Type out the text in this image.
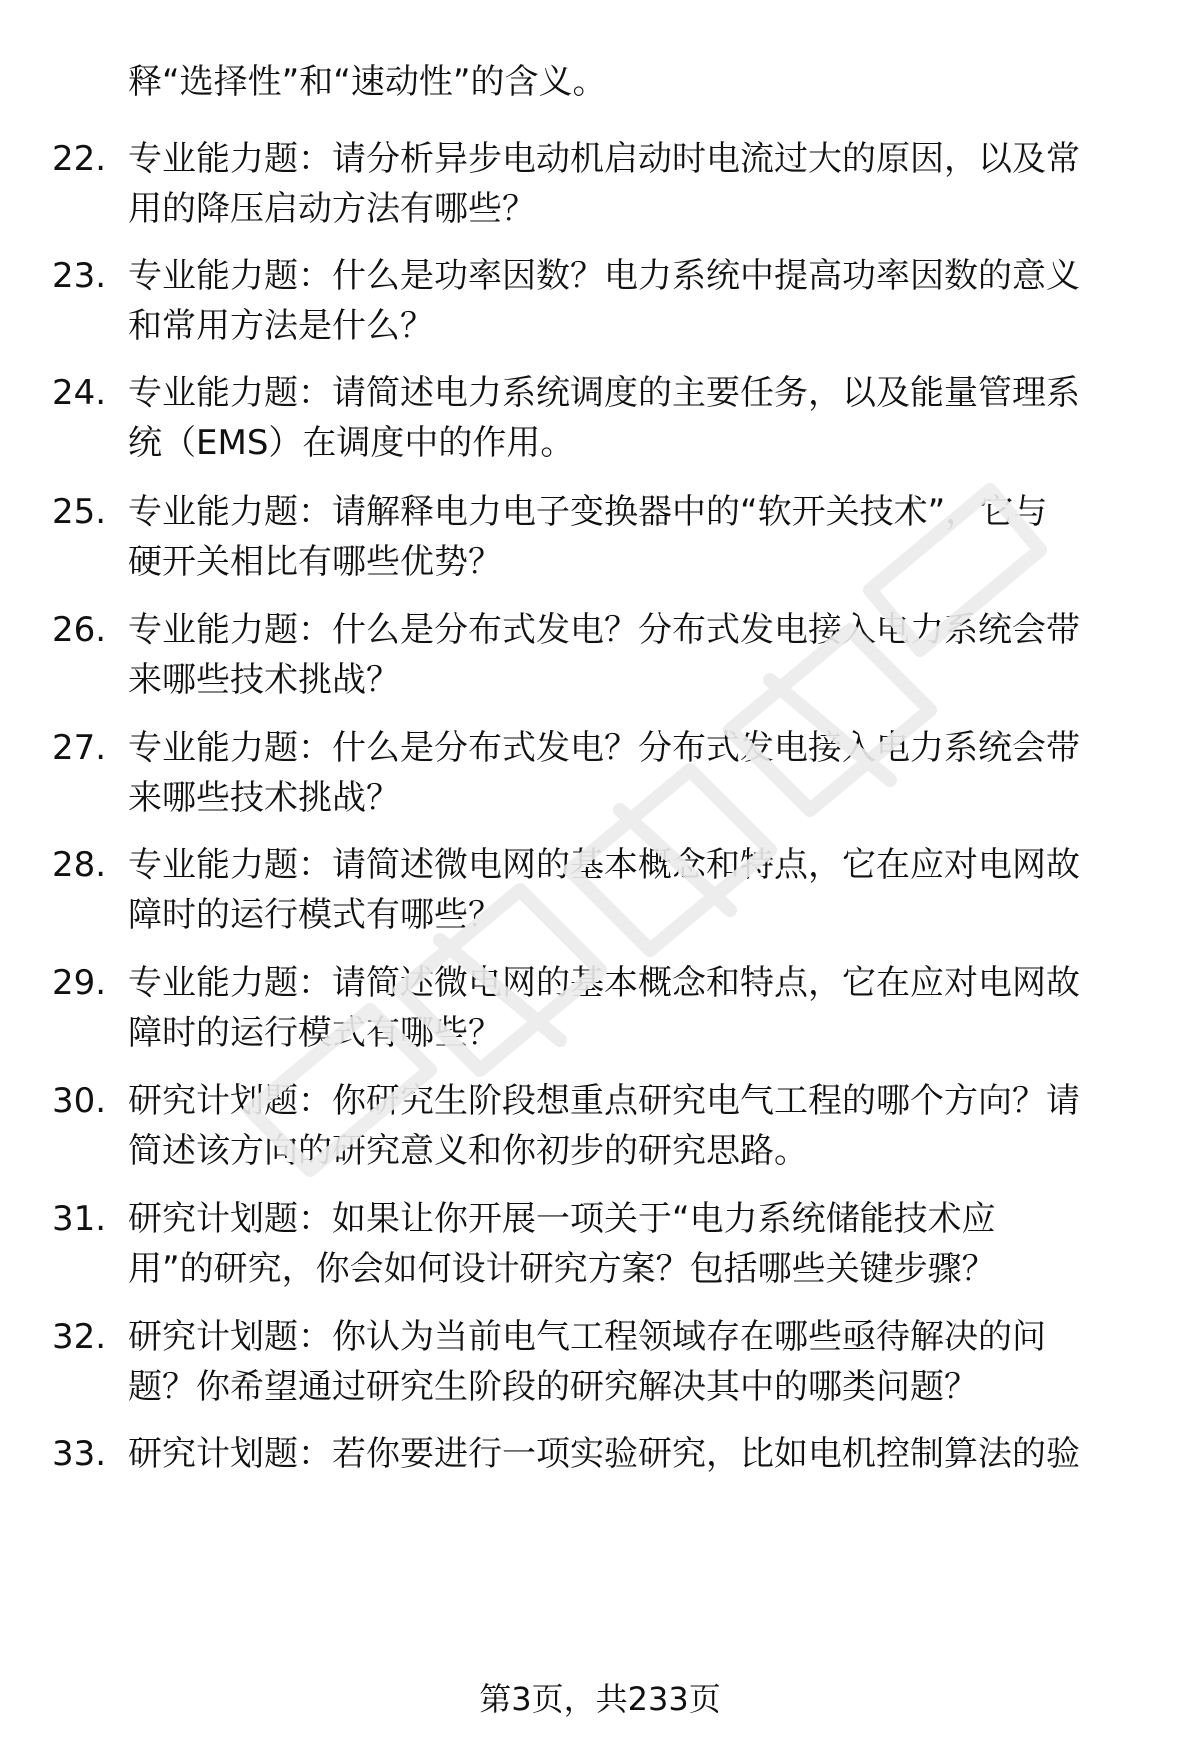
释“选择性”和“速动性”的含义。
22. 专业能力题：请分析异步电动机启动时电流过大的原因，以及常
用的降压启动方法有哪些？
23. 专业能力题：什么是功率因数？电力系统中提高功率因数的意义
和常用方法是什么？
24. 专业能力题：请简述电力系统调度的主要任务，以及能量管理系
统（EMS）在调度中的作用。
25. 专业能力题：请解释电力电子变换器中的“软开关技术”，它与
硬开关相比有哪些优势？
26. 专业能力题：什么是分布式发电？分布式发电接入电力系统会带
来哪些技术挑战？
27. 专业能力题：什么是分布式发电？分布式发电接入电力系统会带
来哪些技术挑战？
28. 专业能力题：请简述微电网的基本概念和特点，它在应对电网故
障时的运行模式有哪些？
29. 专业能力题：请简述微电网的基本概念和特点，它在应对电网故
障时的运行模式有哪些？
30. 研究计划题：你研究生阶段想重点研究电气工程的哪个方向？请
简述该方向的研究意义和你初步的研究思路。
31. 研究计划题：如果让你开展一项关于“电力系统储能技术应
用”的研究，你会如何设计研究方案？包括哪些关键步骤？
32. 研究计划题：你认为当前电气工程领域存在哪些亟待解决的问
题？你希望通过研究生阶段的研究解决其中的哪类问题？
33. 研究计划题：若你要进行一项实验研究，比如电机控制算法的验
第3页，共233页
